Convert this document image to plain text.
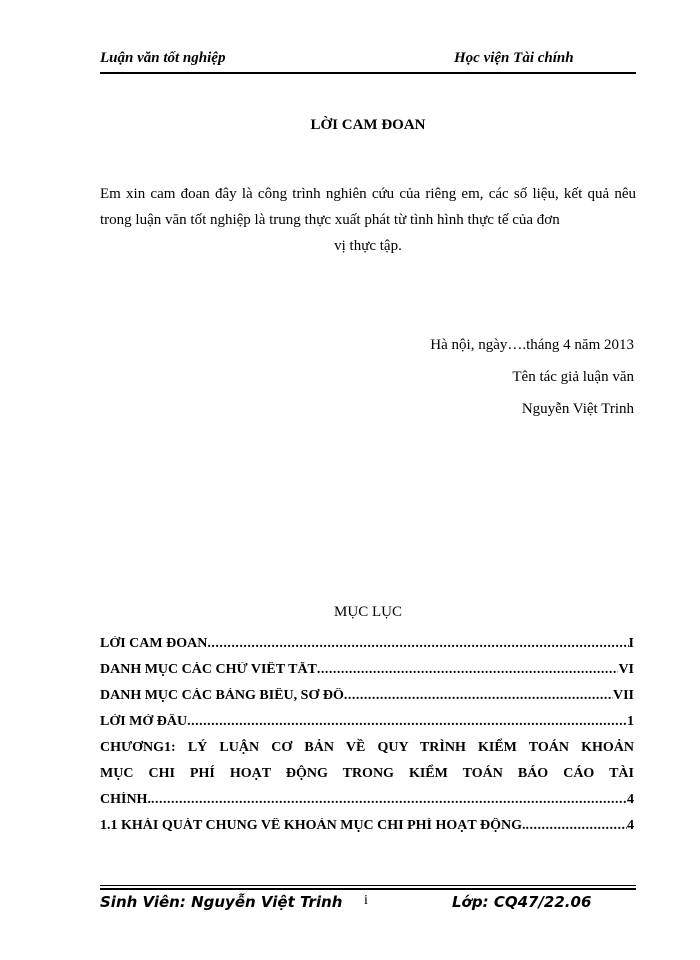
Luận văn tốt nghiệp	Học viện Tài chính
LỜI CAM ĐOAN
Em xin cam đoan đây là công trình nghiên cứu của riêng em, các số liệu, kết quả nêu trong luận văn tốt nghiệp là trung thực xuất phát từ tình hình thực tế của đơn
vị thực tập.
Hà nội, ngày….tháng 4 năm 2013
Tên tác giả luận văn
Nguyễn Việt Trinh
MỤC LỤC
LỜI CAM ĐOAN .....	I
DANH MỤC CÁC CHỮ VIẾT TẮT .....	VI
DANH MỤC CÁC BẢNG BIỂU, SƠ ĐỒ .....	VII
LỜI MỞ ĐẦU .....	1
CHƯƠNG1: LÝ LUẬN CƠ BẢN VỀ QUY TRÌNH KIỂM TOÁN KHOẢN
MỤC CHI PHÍ HOẠT ĐỘNG TRONG KIỂM TOÁN BÁO CÁO TÀI
CHÍNH. .....	4
1.1 KHÁI QUÁT CHUNG VỀ KHOẢN MỤC CHI PHÍ HOẠT ĐỘNG. .....	4
Sinh Viên: Nguyễn Việt Trinh i	Lớp: CQ47/22.06
